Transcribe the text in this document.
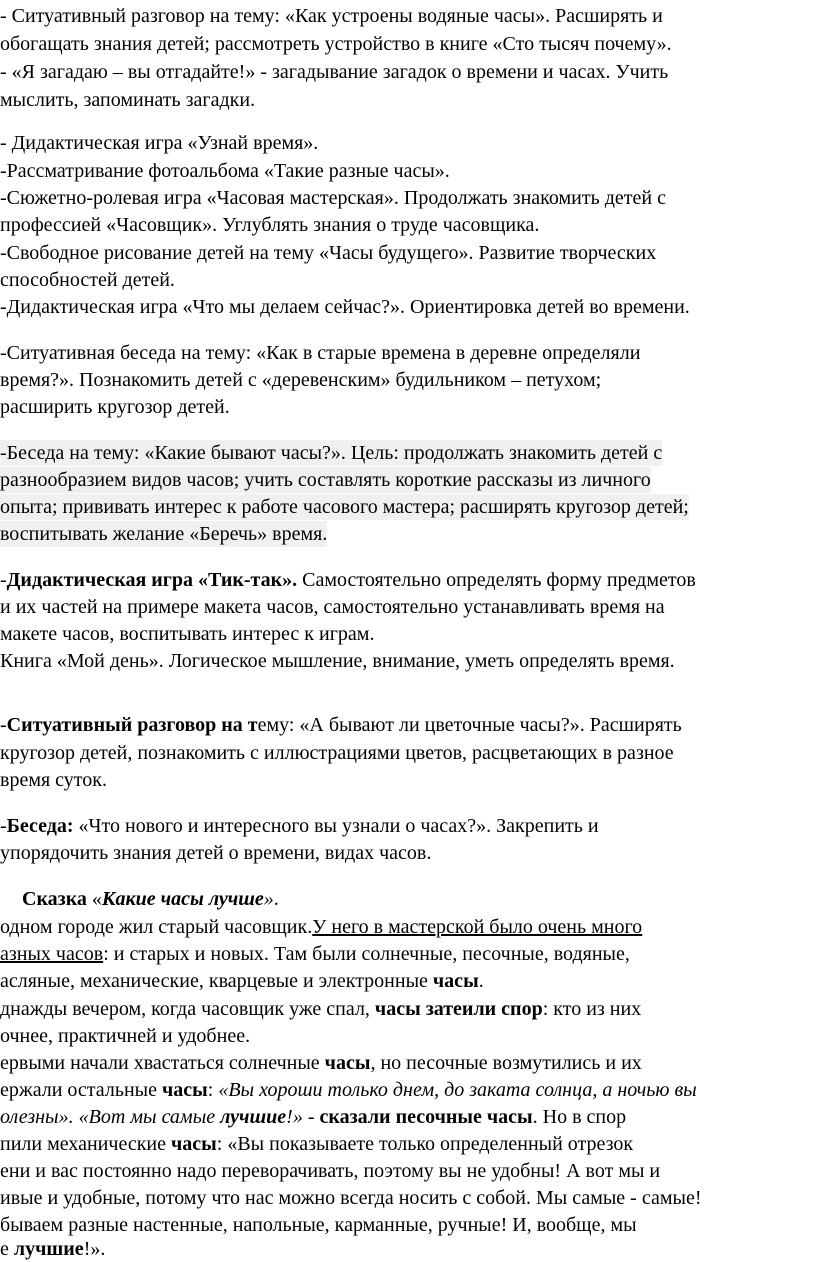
- Ситуативный разговор на тему: «Как устроены водяные часы». Расширять и
обогащать знания детей; рассмотреть устройство в книге «Сто тысяч почему».
- «Я загадаю – вы отгадайте!» - загадывание загадок о времени и часах. Учить
мыслить, запоминать загадки.
- Дидактическая игра «Узнай время».
-Рассматривание фотоальбома «Такие разные часы».
-Сюжетно-ролевая игра «Часовая мастерская». Продолжать знакомить детей с
профессией «Часовщик». Углублять знания о труде часовщика.
-Свободное рисование детей на тему «Часы будущего». Развитие творческих
способностей детей.
-Дидактическая игра «Что мы делаем сейчас?». Ориентировка детей во времени.
-Ситуативная беседа на тему: «Как в старые времена в деревне определяли
время?». Познакомить детей с «деревенским» будильником – петухом;
расширить кругозор детей.
-Беседа на тему: «Какие бывают часы?». Цель: продолжать знакомить детей с
разнообразием видов часов; учить составлять короткие рассказы из личного
опыта; прививать интерес к работе часового мастера; расширять кругозор детей;
воспитывать желание «Беречь» время.
-Дидактическая игра «Тик-так». Самостоятельно определять форму предметов
и их частей на примере макета часов, самостоятельно устанавливать время на
макете часов, воспитывать интерес к играм.
Книга «Мой день». Логическое мышление, внимание, уметь определять время.
-Ситуативный разговор на тему: «А бывают ли цветочные часы?». Расширять
кругозор детей, познакомить с иллюстрациями цветов, расцветающих в разное
время суток.
-Беседа: «Что нового и интересного вы узнали о часах?». Закрепить и
упорядочить знания детей о времени, видах часов.
Сказка «Какие часы лучше».
одном городе жил старый часовщик.У него в мастерской было очень много
азных часов: и старых и новых. Там были солнечные, песочные, водяные,
асляные, механические, кварцевые и электронные часы.
днажды вечером, когда часовщик уже спал, часы затеили спор: кто из них
очнее, практичней и удобнее.
ервыми начали хвастаться солнечные часы, но песочные возмутились и их
ержали остальные часы: «Вы хороши только днем, до заката солнца, а ночью вы
олезны». «Вот мы самые лучшие!» - сказали песочные часы. Но в спор
пили механические часы: «Вы показываете только определенный отрезок
ени и вас постоянно надо переворачивать, поэтому вы не удобны! А вот мы и
ивые и удобные, потому что нас можно всегда носить с собой. Мы самые - самые!
бываем разные настенные, напольные, карманные, ручные! И, вообще, мы
е лучшие!».
